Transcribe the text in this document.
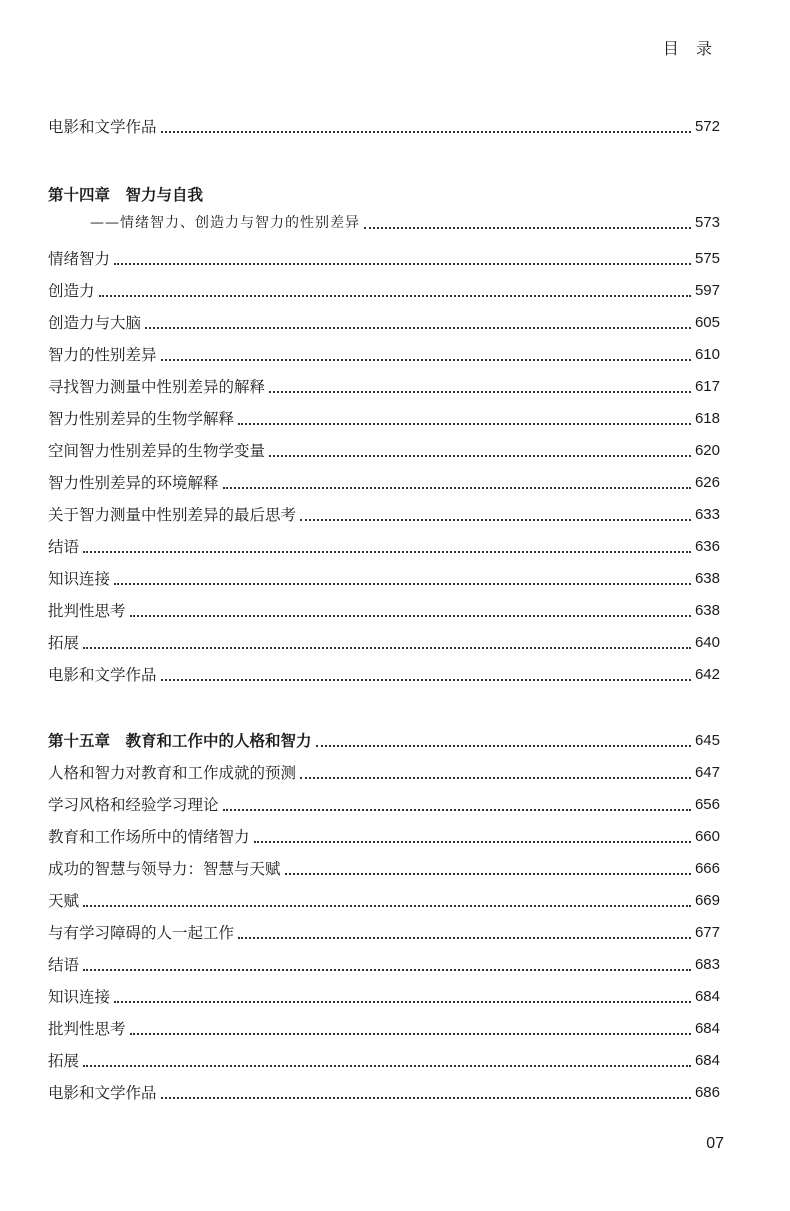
目 录
电影和文学作品	572
第十四章　智力与自我
——情绪智力、创造力与智力的性别差异	573
情绪智力	575
创造力	597
创造力与大脑	605
智力的性别差异	610
寻找智力测量中性别差异的解释	617
智力性别差异的生物学解释	618
空间智力性别差异的生物学变量	620
智力性别差异的环境解释	626
关于智力测量中性别差异的最后思考	633
结语	636
知识连接	638
批判性思考	638
拓展	640
电影和文学作品	642
第十五章　教育和工作中的人格和智力	645
人格和智力对教育和工作成就的预测	647
学习风格和经验学习理论	656
教育和工作场所中的情绪智力	660
成功的智慧与领导力：智慧与天赋	666
天赋	669
与有学习障碍的人一起工作	677
结语	683
知识连接	684
批判性思考	684
拓展	684
电影和文学作品	686
07
